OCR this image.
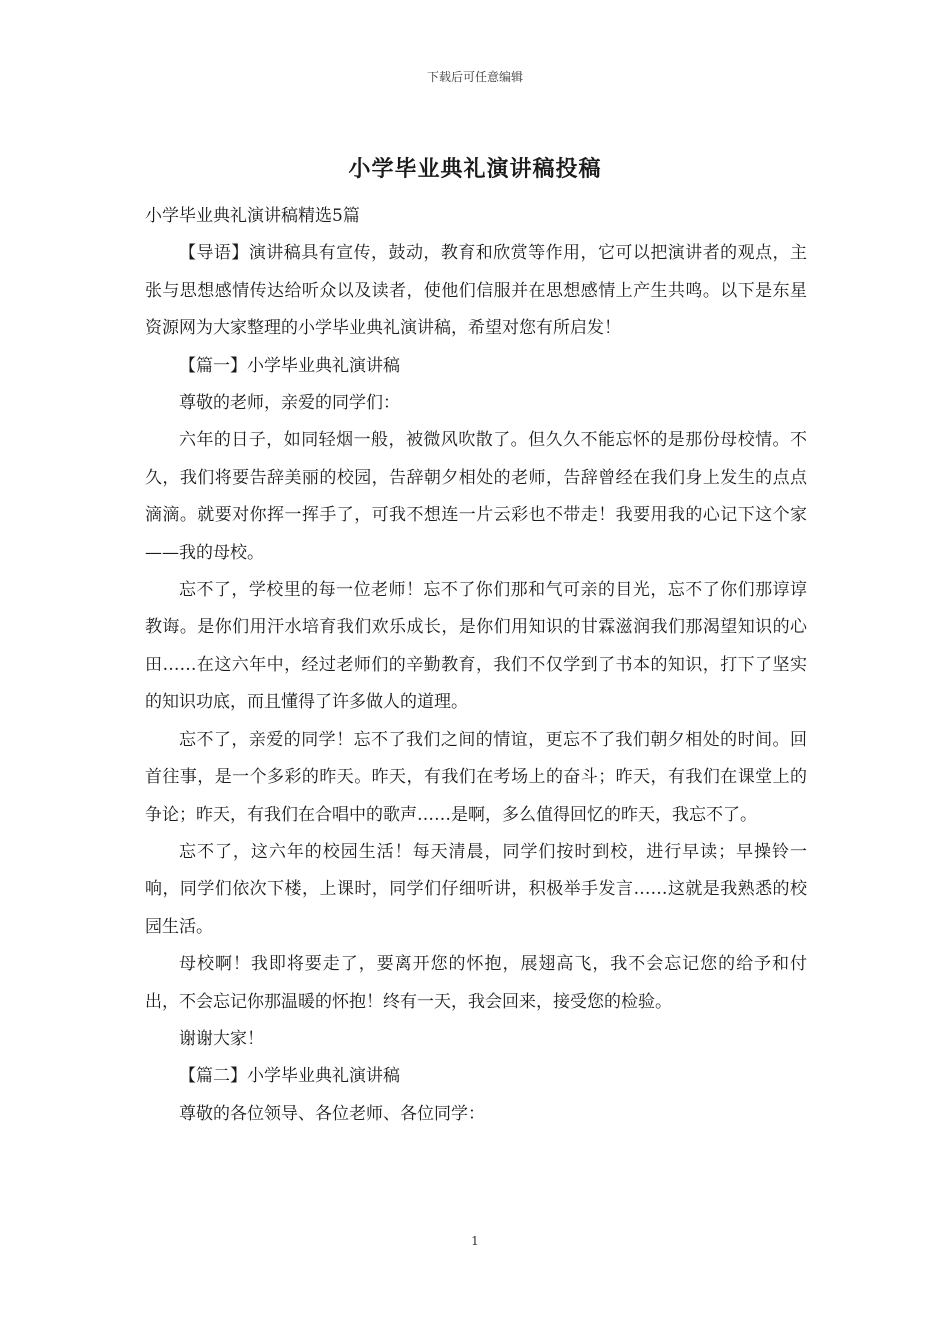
下载后可任意编辑
小学毕业典礼演讲稿投稿

小学毕业典礼演讲稿精选5篇

【导语】演讲稿具有宣传，鼓动，教育和欣赏等作用，它可以把演讲者的观点，主张与思想感情传达给听众以及读者，使他们信服并在思想感情上产生共鸣。以下是东星资源网为大家整理的小学毕业典礼演讲稿，希望对您有所启发！

【篇一】小学毕业典礼演讲稿

尊敬的老师，亲爱的同学们：

六年的日子，如同轻烟一般，被微风吹散了。但久久不能忘怀的是那份母校情。不久，我们将要告辞美丽的校园，告辞朝夕相处的老师，告辞曾经在我们身上发生的点点滴滴。就要对你挥一挥手了，可我不想连一片云彩也不带走！我要用我的心记下这个家——我的母校。

忘不了，学校里的每一位老师！忘不了你们那和气可亲的目光，忘不了你们那谆谆教诲。是你们用汗水培育我们欢乐成长，是你们用知识的甘霖滋润我们那渴望知识的心田……在这六年中，经过老师们的辛勤教育，我们不仅学到了书本的知识，打下了坚实的知识功底，而且懂得了许多做人的道理。

忘不了，亲爱的同学！忘不了我们之间的情谊，更忘不了我们朝夕相处的时间。回首往事，是一个多彩的昨天。昨天，有我们在考场上的奋斗；昨天，有我们在课堂上的争论；昨天，有我们在合唱中的歌声……是啊，多么值得回忆的昨天，我忘不了。

忘不了，这六年的校园生活！每天清晨，同学们按时到校，进行早读；早操铃一响，同学们依次下楼，上课时，同学们仔细听讲，积极举手发言……这就是我熟悉的校园生活。

母校啊！我即将要走了，要离开您的怀抱，展翅高飞，我不会忘记您的给予和付出，不会忘记你那温暖的怀抱！终有一天，我会回来，接受您的检验。

谢谢大家！

【篇二】小学毕业典礼演讲稿

尊敬的各位领导、各位老师、各位同学：

1
